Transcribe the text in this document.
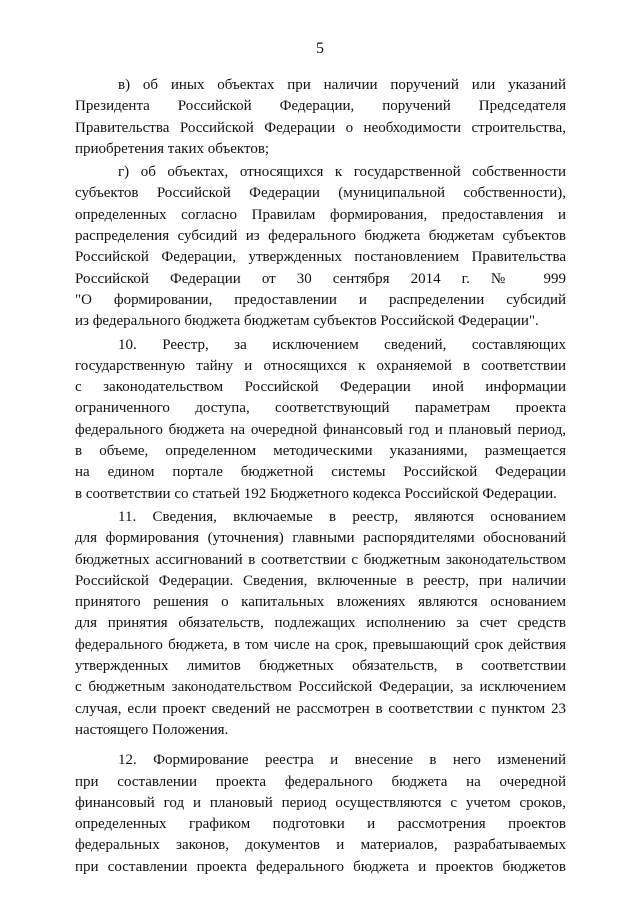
5
в) об иных объектах при наличии поручений или указаний
Президента Российской Федерации, поручений Председателя
Правительства Российской Федерации о необходимости строительства,
приобретения таких объектов;
г) об объектах, относящихся к государственной собственности
субъектов Российской Федерации (муниципальной собственности),
определенных согласно Правилам формирования, предоставления и
распределения субсидий из федерального бюджета бюджетам субъектов
Российской Федерации, утвержденных постановлением Правительства
Российской Федерации от 30 сентября 2014 г. № 999
"О формировании, предоставлении и распределении субсидий
из федерального бюджета бюджетам субъектов Российской Федерации".
10. Реестр, за исключением сведений, составляющих
государственную тайну и относящихся к охраняемой в соответствии
с законодательством Российской Федерации иной информации
ограниченного доступа, соответствующий параметрам проекта
федерального бюджета на очередной финансовый год и плановый период,
в объеме, определенном методическими указаниями, размещается
на едином портале бюджетной системы Российской Федерации
в соответствии со статьей 192 Бюджетного кодекса Российской Федерации.
11. Сведения, включаемые в реестр, являются основанием
для формирования (уточнения) главными распорядителями обоснований
бюджетных ассигнований в соответствии с бюджетным законодательством
Российской Федерации. Сведения, включенные в реестр, при наличии
принятого решения о капитальных вложениях являются основанием
для принятия обязательств, подлежащих исполнению за счет средств
федерального бюджета, в том числе на срок, превышающий срок действия
утвержденных лимитов бюджетных обязательств, в соответствии
с бюджетным законодательством Российской Федерации, за исключением
случая, если проект сведений не рассмотрен в соответствии с пунктом 23
настоящего Положения.
12. Формирование реестра и внесение в него изменений
при составлении проекта федерального бюджета на очередной
финансовый год и плановый период осуществляются с учетом сроков,
определенных графиком подготовки и рассмотрения проектов
федеральных законов, документов и материалов, разрабатываемых
при составлении проекта федерального бюджета и проектов бюджетов
